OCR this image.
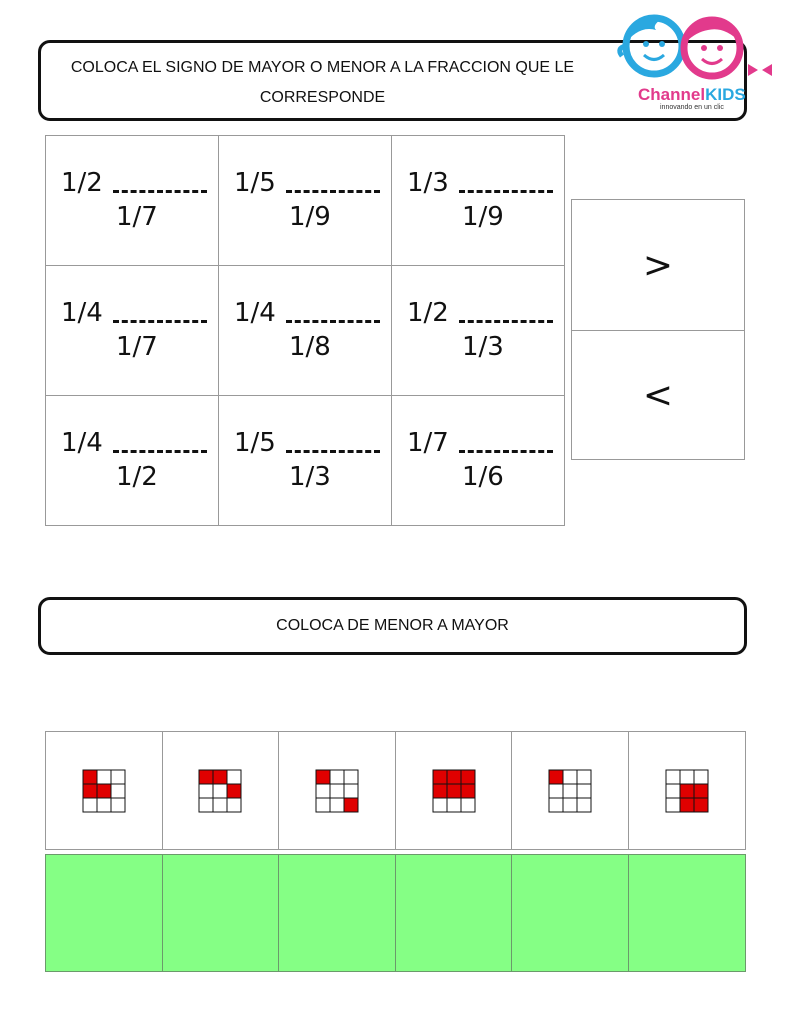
COLOCA EL SIGNO DE MAYOR O MENOR A LA FRACCION QUE LE
CORRESPONDE	ChannelKIDS
innovando en un clic
1/2
1/7
1/5
1/9
1/3
1/9
1/4
1/7
1/4
1/8
1/2
1/3
1/4
1/2
1/5
1/3
1/7
1/6
>
<
COLOCA DE MENOR A MAYOR
